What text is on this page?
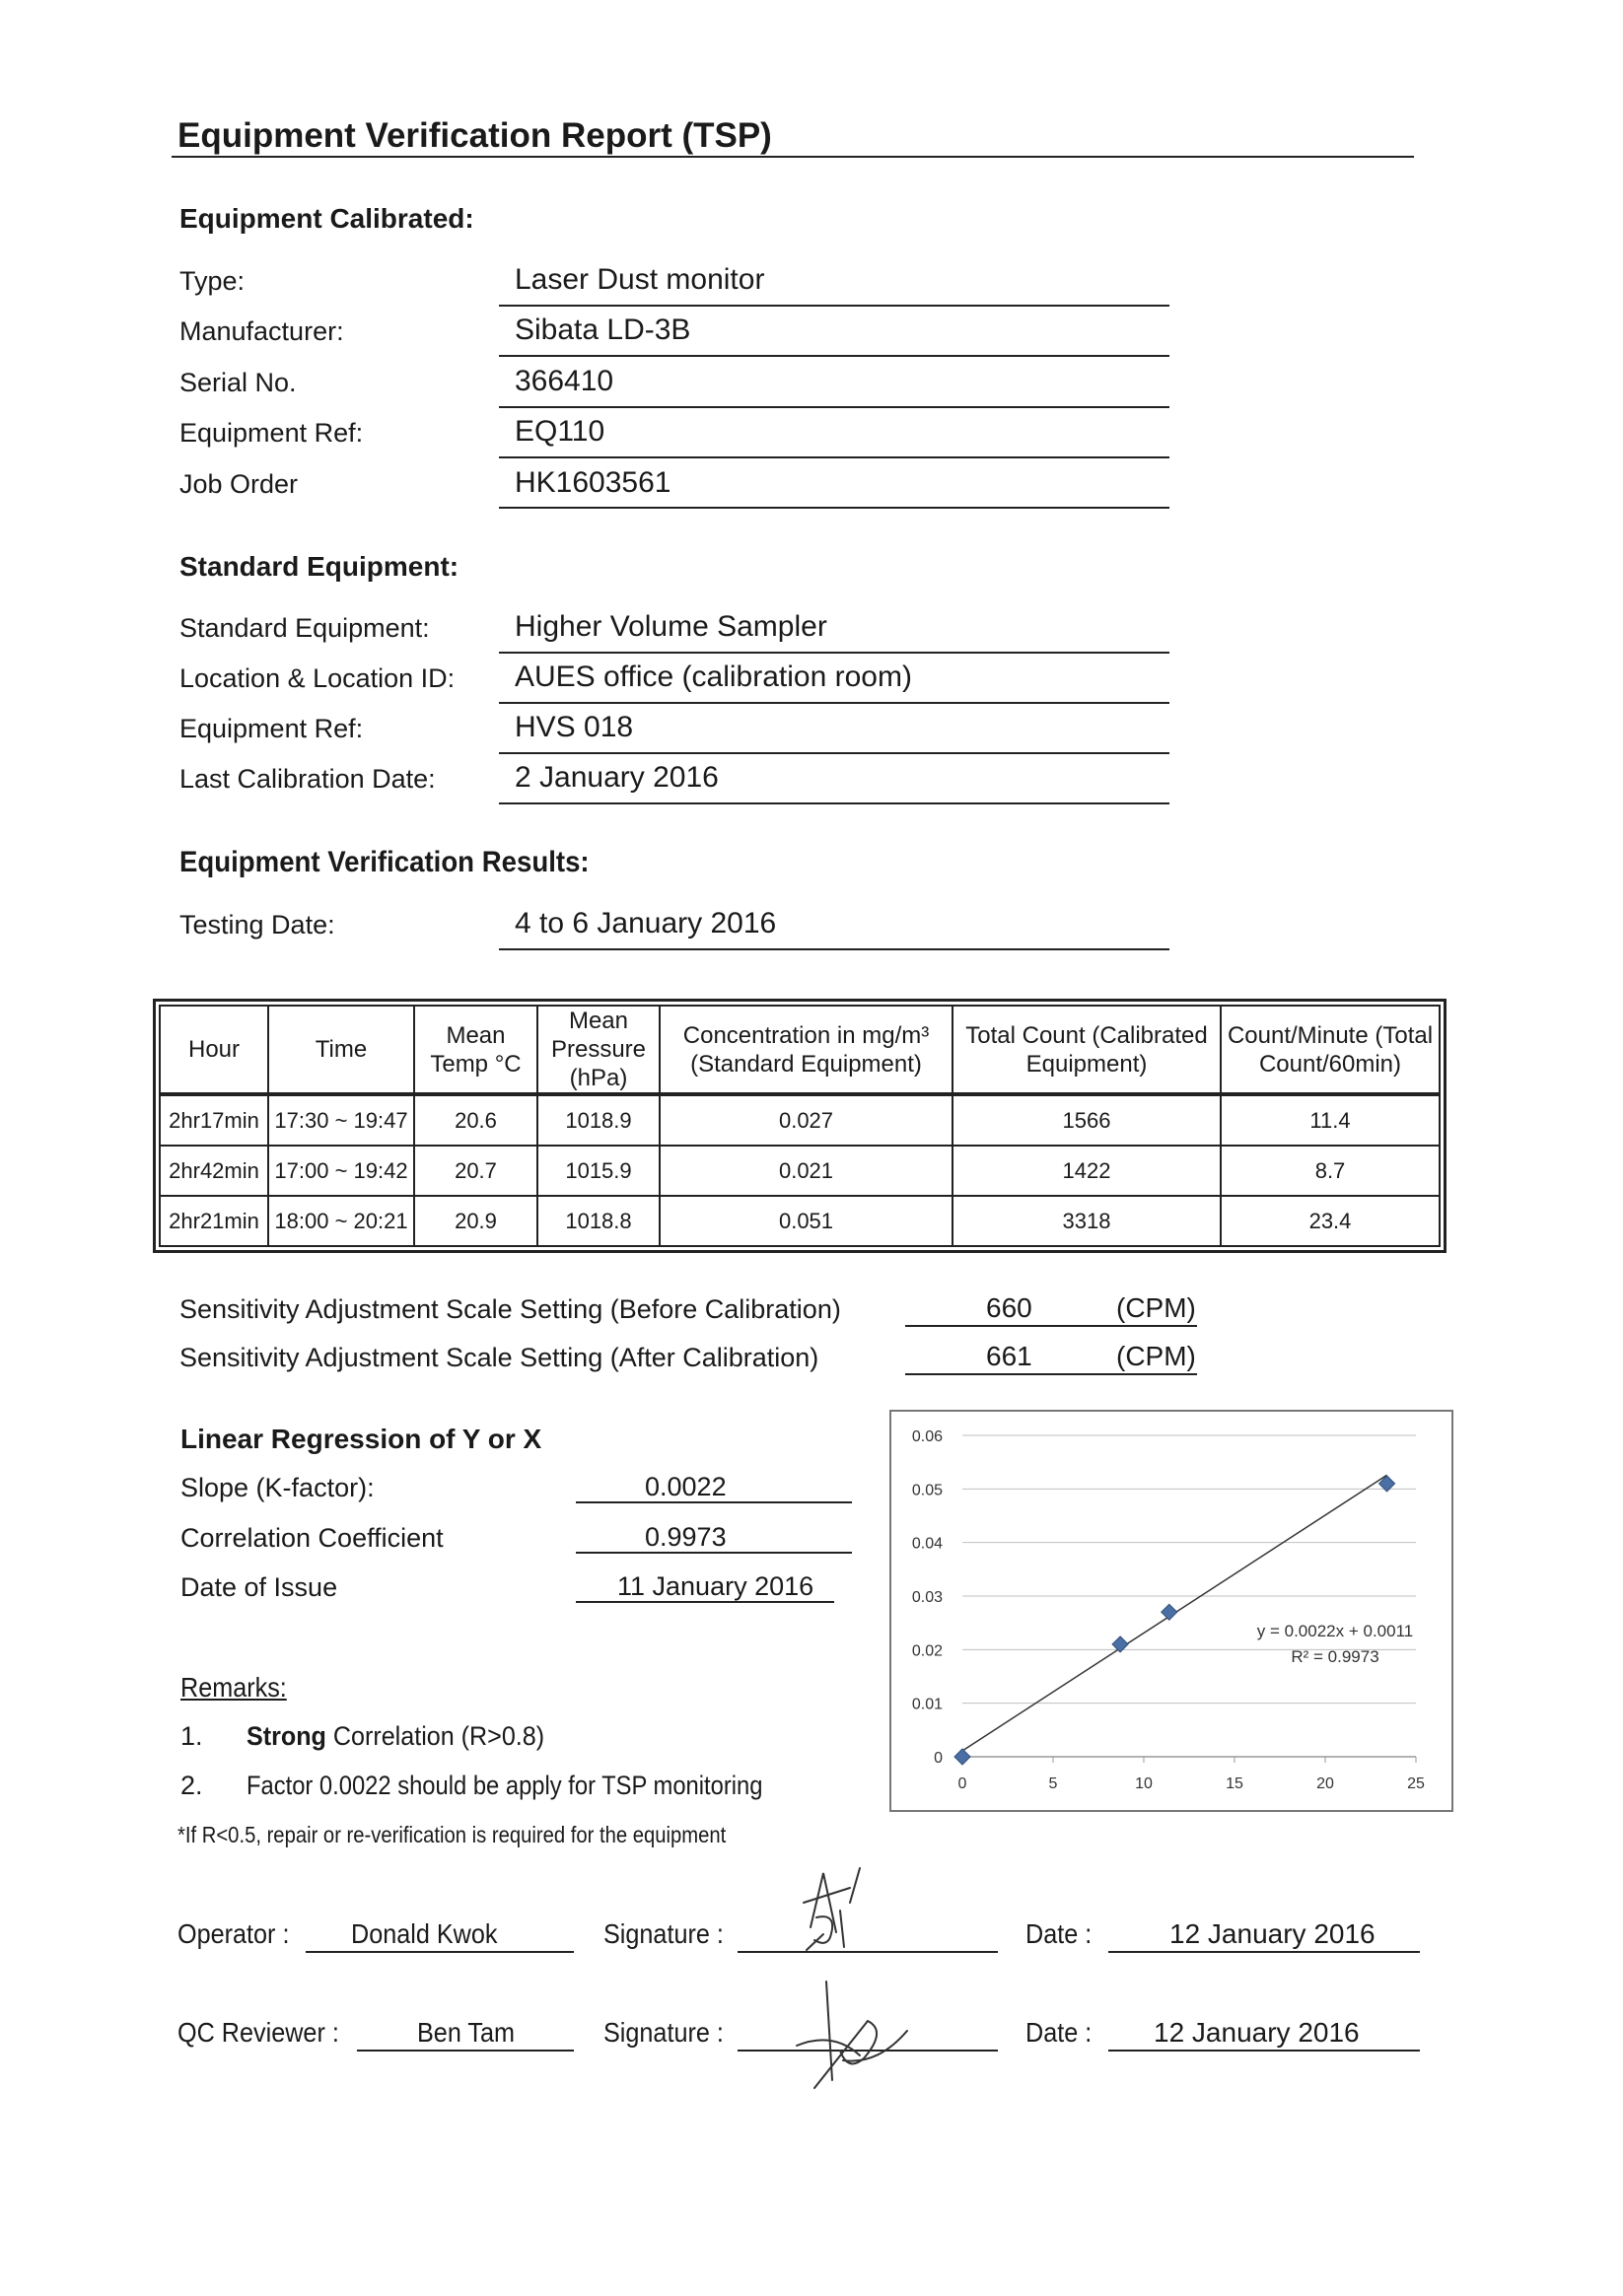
Equipment Verification Report (TSP)
Equipment Calibrated:
Type:	Laser Dust monitor
Manufacturer:	Sibata LD-3B
Serial No.	366410
Equipment Ref:	EQ110
Job Order	HK1603561
Standard Equipment:
Standard Equipment:	Higher Volume Sampler
Location & Location ID: AUES office (calibration room)
Equipment Ref:	HVS 018
Last Calibration Date:	2 January 2016
Equipment Verification Results:
Testing Date:	4 to 6 January 2016
Hour	Time	Mean Temp °C	Mean Pressure (hPa)	Concentration in mg/m³ (Standard Equipment)	Total Count (Calibrated Equipment)	Count/Minute (Total Count/60min)
2hr17min	17:30 ~ 19:47	20.6	1018.9	0.027	1566	11.4
2hr42min	17:00 ~ 19:42	20.7	1015.9	0.021	1422	8.7
2hr21min	18:00 ~ 20:21	20.9	1018.8	0.051	3318	23.4
Sensitivity Adjustment Scale Setting (Before Calibration)	660	(CPM)
Sensitivity Adjustment Scale Setting (After Calibration)	661	(CPM)
Linear Regression of Y or X
Slope (K-factor):	0.0022
Correlation Coefficient	0.9973
Date of Issue	11 January 2016
Remarks:
1. Strong Correlation (R>0.8)
2. Factor 0.0022 should be apply for TSP monitoring
*If R<0.5, repair or re-verification is required for the equipment
0
0.01
0.02
0.03
0.04
0.05
0.06
0	5	10	15	20	25
y = 0.0022x + 0.0011
R² = 0.9973
Operator : Donald Kwok	Signature :	Date :	12 January 2016
QC Reviewer :	Ben Tam	Signature :	Date : 12 January 2016
